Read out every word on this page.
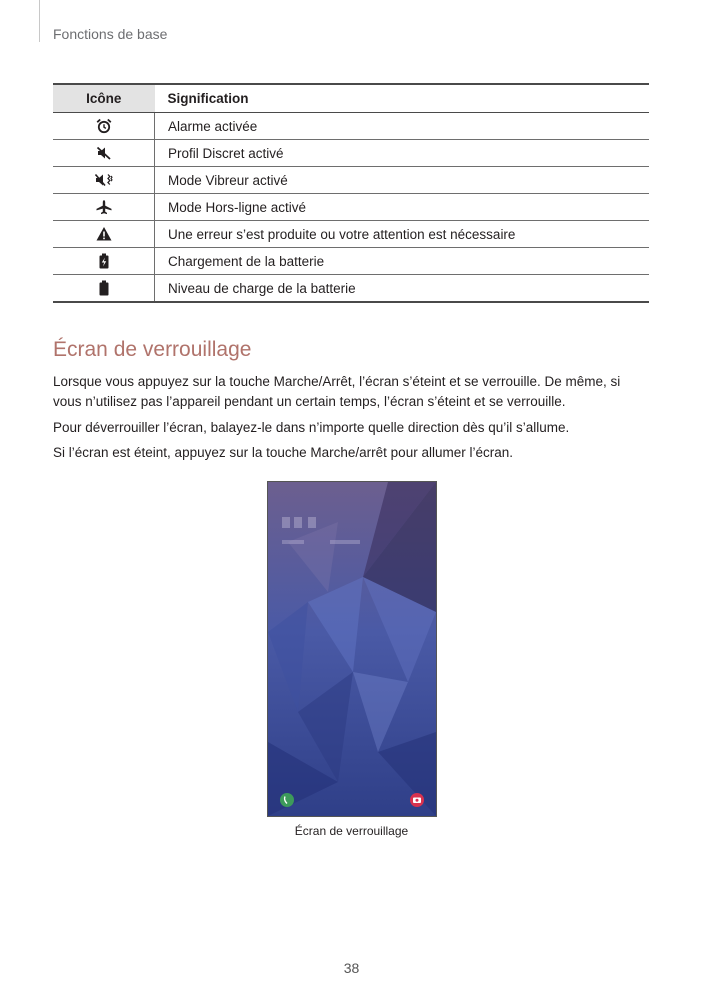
Fonctions de base
Icône	Signification

	Alarme activée

	Profil Discret activé

	Mode Vibreur activé

	Mode Hors-ligne activé

	Une erreur s’est produite ou votre attention est nécessaire

	Chargement de la batterie

	Niveau de charge de la batterie
Écran de verrouillage

Lorsque vous appuyez sur la touche Marche/Arrêt, l’écran s’éteint et se verrouille. De même, si vous n’utilisez pas l’appareil pendant un certain temps, l’écran s’éteint et se verrouille.

Pour déverrouiller l’écran, balayez-le dans n’importe quelle direction dès qu’il s’allume.

Si l’écran est éteint, appuyez sur la touche Marche/arrêt pour allumer l’écran.

Écran de verrouillage
38
